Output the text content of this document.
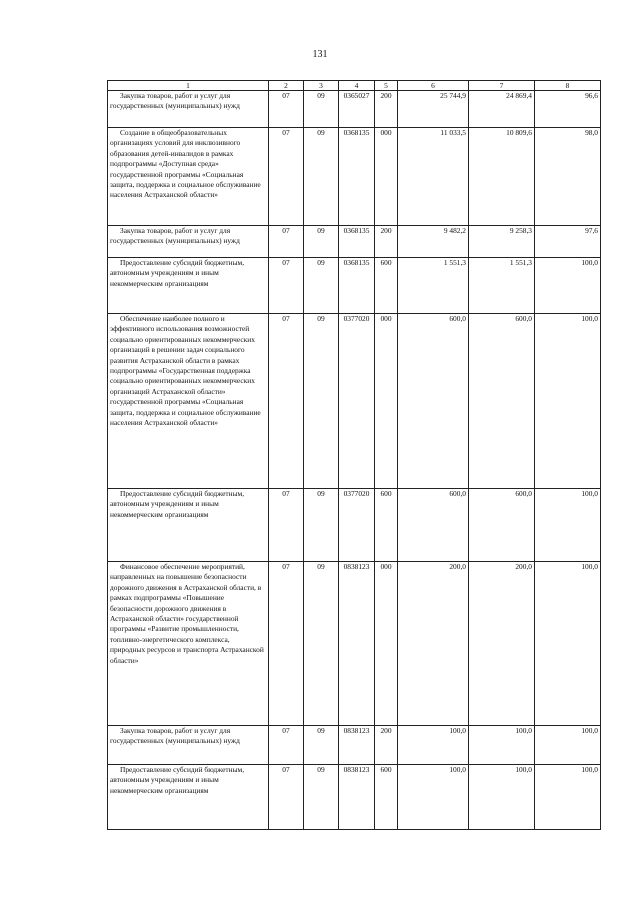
131
1	2	3	4	5	6	7	8

Закупка товаров, работ и услуг для государственных (муниципальных) нужд	07	09	0365027	200	25 744,9	24 869,4	96,6

Создание в общеобразовательных организациях условий для инклюзивного образования детей-инвалидов в рамках подпрограммы «Доступная среда» государственной программы «Социальная защита, поддержка и социальное обслуживание населения Астраханской области»	07	09	0368135	000	11 033,5	10 809,6	98,0

Закупка товаров, работ и услуг для государственных (муниципальных) нужд	07	09	0368135	200	9 482,2	9 258,3	97,6

Предоставление субсидий бюджетным, автономным учреждениям и иным некоммерческим организациям	07	09	0368135	600	1 551,3	1 551,3	100,0

Обеспечение наиболее полного и эффективного использования возможностей социально ориентированных некоммерческих организаций в решении задач социального развития Астраханской области в рамках подпрограммы «Государственная поддержка социально ориентированных некоммерческих организаций Астраханской области» государственной программы «Социальная защита, поддержка и социальное обслуживание населения Астраханской области»	07	09	0377020	000	600,0	600,0	100,0

Предоставление субсидий бюджетным, автономным учреждениям и иным некоммерческим организациям	07	09	0377020	600	600,0	600,0	100,0

Финансовое обеспечение мероприятий, направленных на повышение безопасности дорожного движения в Астраханской области, в рамках подпрограммы «Повышение безопасности дорожного движения в Астраханской области» государственной программы «Развитие промышленности, топливно-энергетического комплекса, природных ресурсов и транспорта Астраханской области»	07	09	0838123	000	200,0	200,0	100,0

Закупка товаров, работ и услуг для государственных (муниципальных) нужд	07	09	0838123	200	100,0	100,0	100,0

Предоставление субсидий бюджетным, автономным учреждениям и иным некоммерческим организациям	07	09	0838123	600	100,0	100,0	100,0
